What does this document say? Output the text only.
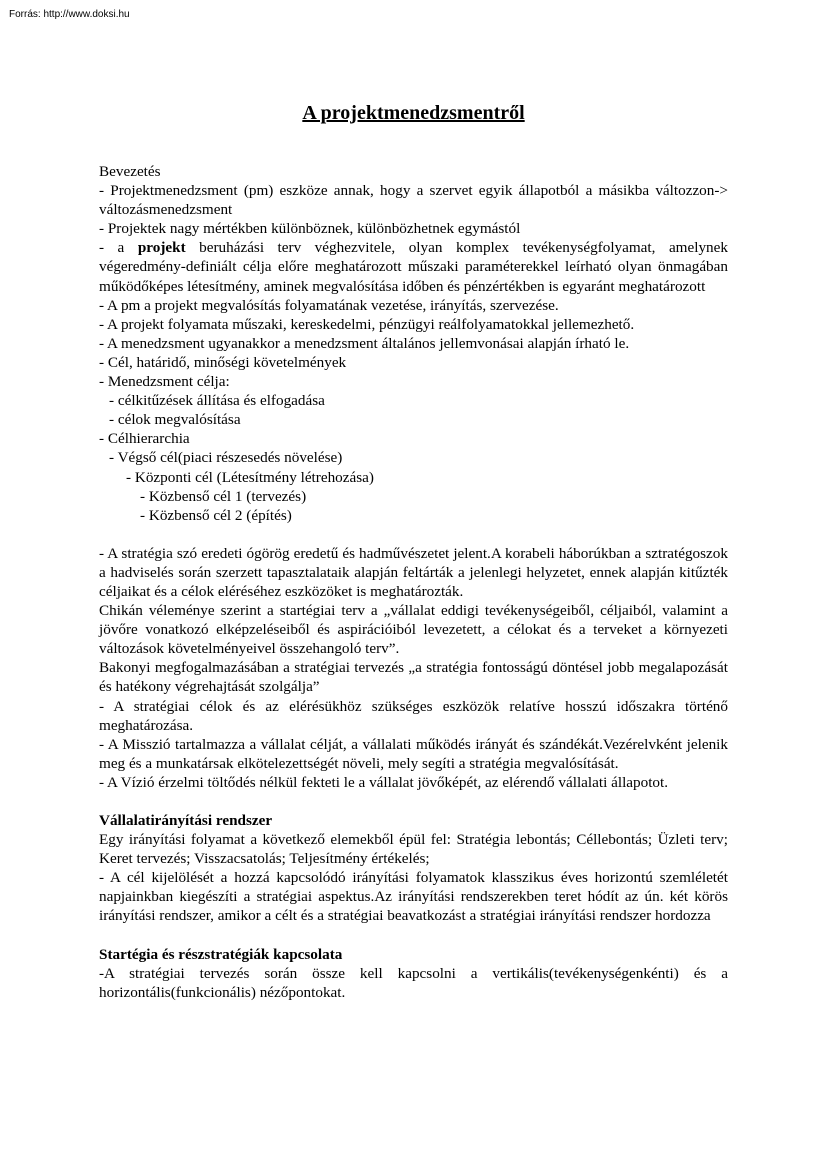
Forrás: http://www.doksi.hu
A projektmenedzsmentről

Bevezetés

- Projektmenedzsment (pm) eszköze annak, hogy a szervet egyik állapotból a másikba változzon-> változásmenedzsment

- Projektek nagy mértékben különböznek, különbözhetnek egymástól

- a projekt beruházási terv véghezvitele, olyan komplex tevékenységfolyamat, amelynek végeredmény-definiált célja előre meghatározott műszaki paraméterekkel leírható olyan önmagában működőképes létesítmény, aminek megvalósítása időben és pénzértékben is egyaránt meghatározott

- A pm a projekt megvalósítás folyamatának vezetése, irányítás, szervezése.

- A projekt folyamata műszaki, kereskedelmi, pénzügyi reálfolyamatokkal jellemezhető.

- A menedzsment ugyanakkor a menedzsment általános jellemvonásai alapján írható le.

- Cél, határidő, minőségi követelmények

- Menedzsment célja:

- célkitűzések állítása és elfogadása

- célok megvalósítása

- Célhierarchia

- Végső cél(piaci részesedés növelése)

- Központi cél (Létesítmény létrehozása)

- Közbenső cél 1 (tervezés)

- Közbenső cél 2 (építés)

- A stratégia szó eredeti ógörög eredetű és hadművészetet jelent.A korabeli háborúkban a sztratégoszok a hadviselés során szerzett tapasztalataik alapján feltárták a jelenlegi helyzetet, ennek alapján kitűzték céljaikat és a célok eléréséhez eszközöket is meghatározták.

Chikán véleménye szerint a startégiai terv a „vállalat eddigi tevékenységeiből, céljaiból, valamint a jövőre vonatkozó elképzeléseiből és aspirációiból levezetett, a célokat és a terveket a környezeti változások követelményeivel összehangoló terv”.

Bakonyi megfogalmazásában a stratégiai tervezés „a stratégia fontosságú döntésel jobb megalapozását és hatékony végrehajtását szolgálja”

- A stratégiai célok és az elérésükhöz szükséges eszközök relatíve hosszú időszakra történő meghatározása.

- A Misszió tartalmazza a vállalat célját, a vállalati működés irányát és szándékát.Vezérelvként jelenik meg és a munkatársak elkötelezettségét növeli, mely segíti a stratégia megvalósítását.

- A Vízió érzelmi töltődés nélkül fekteti le a vállalat jövőképét, az elérendő vállalati állapotot.

Vállalatirányítási rendszer

Egy irányítási folyamat a következő elemekből épül fel: Stratégia lebontás; Céllebontás; Üzleti terv; Keret tervezés; Visszacsatolás; Teljesítmény értékelés;

- A cél kijelölését a hozzá kapcsolódó irányítási folyamatok klasszikus éves horizontú szemléletét napjainkban kiegészíti a stratégiai aspektus.Az irányítási rendszerekben teret hódít az ún. két körös irányítási rendszer, amikor a célt és a stratégiai beavatkozást a stratégiai irányítási rendszer hordozza

Startégia és részstratégiák kapcsolata

-A stratégiai tervezés során össze kell kapcsolni a vertikális(tevékenységenkénti) és a horizontális(funkcionális) nézőpontokat.
